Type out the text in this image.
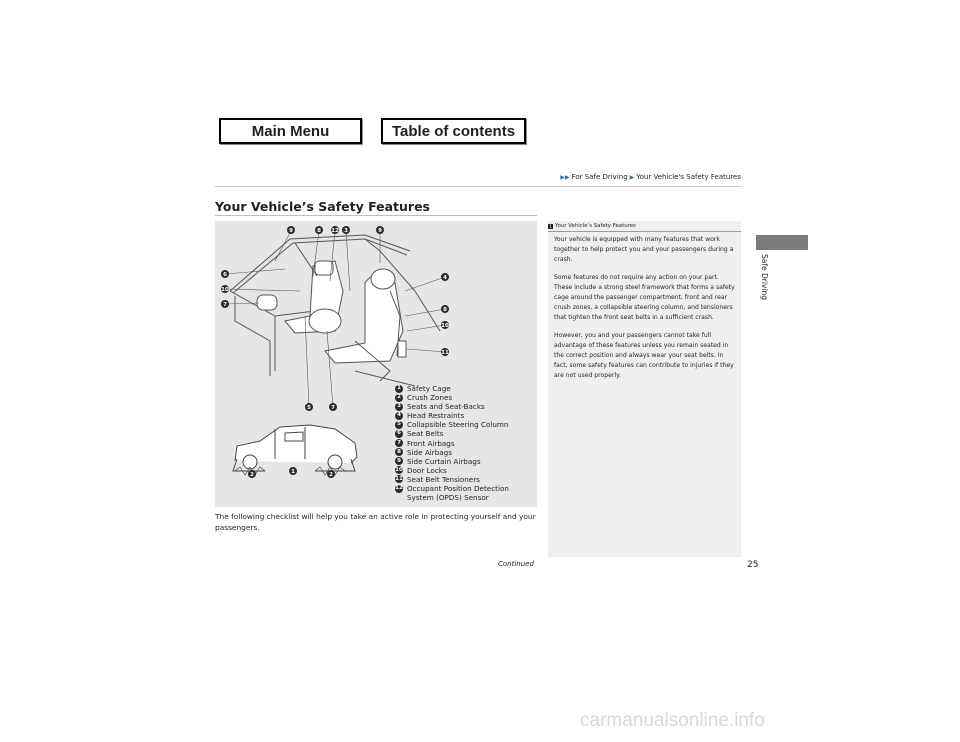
Main Menu	Table of contents
▶▶ For Safe Driving ▶ Your Vehicle's Safety Features
Your Vehicle’s Safety Features
9	8 12 3	9
4
8
10
11
6
10
7
5	7
2	1	2
1 Safety Cage
2 Crush Zones
3 Seats and Seat-Backs
4 Head Restraints
5 Collapsible Steering Column
6 Seat Belts
7 Front Airbags
8 Side Airbags
9 Side Curtain Airbags
10 Door Locks
11 Seat Belt Tensioners
12 Occupant Position Detection System (OPDS) Sensor
The following checklist will help you take an active role in protecting yourself and your passengers.
1 Your Vehicle’s Safety Features

Your vehicle is equipped with many features that work together to help protect you and your passengers during a crash.

Some features do not require any action on your part. These include a strong steel framework that forms a safety cage around the passenger compartment, front and rear crush zones, a collapsible steering column, and tensioners that tighten the front seat belts in a sufficient crash.

However, you and your passengers cannot take full advantage of these features unless you remain seated in the correct position and always wear your seat belts. In fact, some safety features can contribute to injuries if they are not used properly.

Continued	25
Safe Driving
carmanualsonline.info
